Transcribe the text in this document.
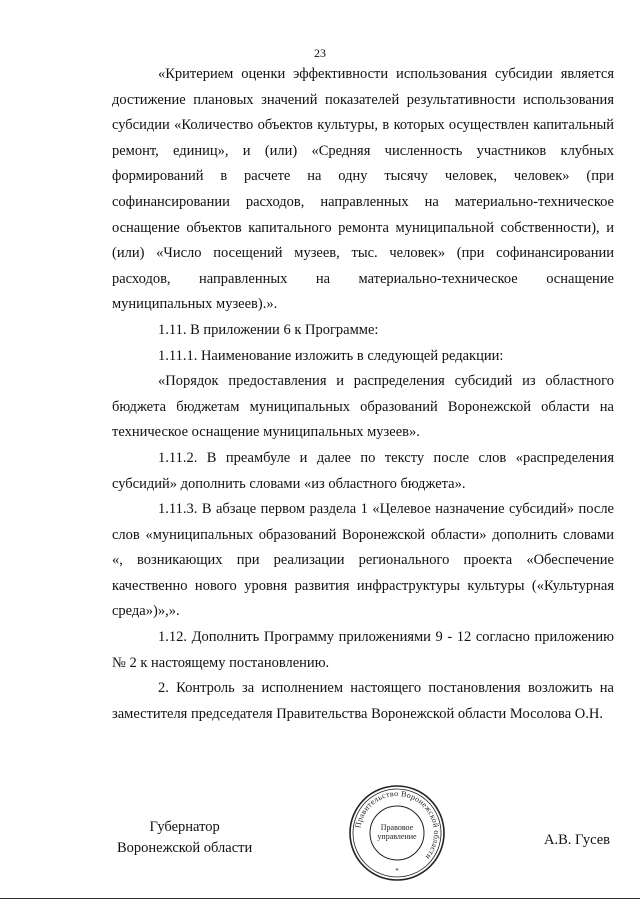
23

«Критерием оценки эффективности использования субсидии является достижение плановых значений показателей результативности использования субсидии «Количество объектов культуры, в которых осуществлен капитальный ремонт, единиц», и (или) «Средняя численность участников клубных формирований в расчете на одну тысячу человек, человек» (при софинансировании расходов, направленных на материально-техническое оснащение объектов капитального ремонта муниципальной собственности), и (или) «Число посещений музеев, тыс. человек» (при софинансировании расходов, направленных на материально-техническое оснащение муниципальных музеев).».

1.11. В приложении 6 к Программе:

1.11.1. Наименование изложить в следующей редакции:

«Порядок предоставления и распределения субсидий из областного бюджета бюджетам муниципальных образований Воронежской области на техническое оснащение муниципальных музеев».

1.11.2. В преамбуле и далее по тексту после слов «распределения субсидий» дополнить словами «из областного бюджета».

1.11.3. В абзаце первом раздела 1 «Целевое назначение субсидий» после слов «муниципальных образований Воронежской области» дополнить словами «, возникающих при реализации регионального проекта «Обеспечение качественно нового уровня развития инфраструктуры культуры («Культурная среда»)»,».

1.12. Дополнить Программу приложениями 9 - 12 согласно приложению № 2 к настоящему постановлению.

2. Контроль за исполнением настоящего постановления возложить на заместителя председателя Правительства Воронежской области Мосолова О.Н.

Губернатор
Воронежской области
Правительство Воронежской области
Правовое
управление
*
А.В. Гусев
